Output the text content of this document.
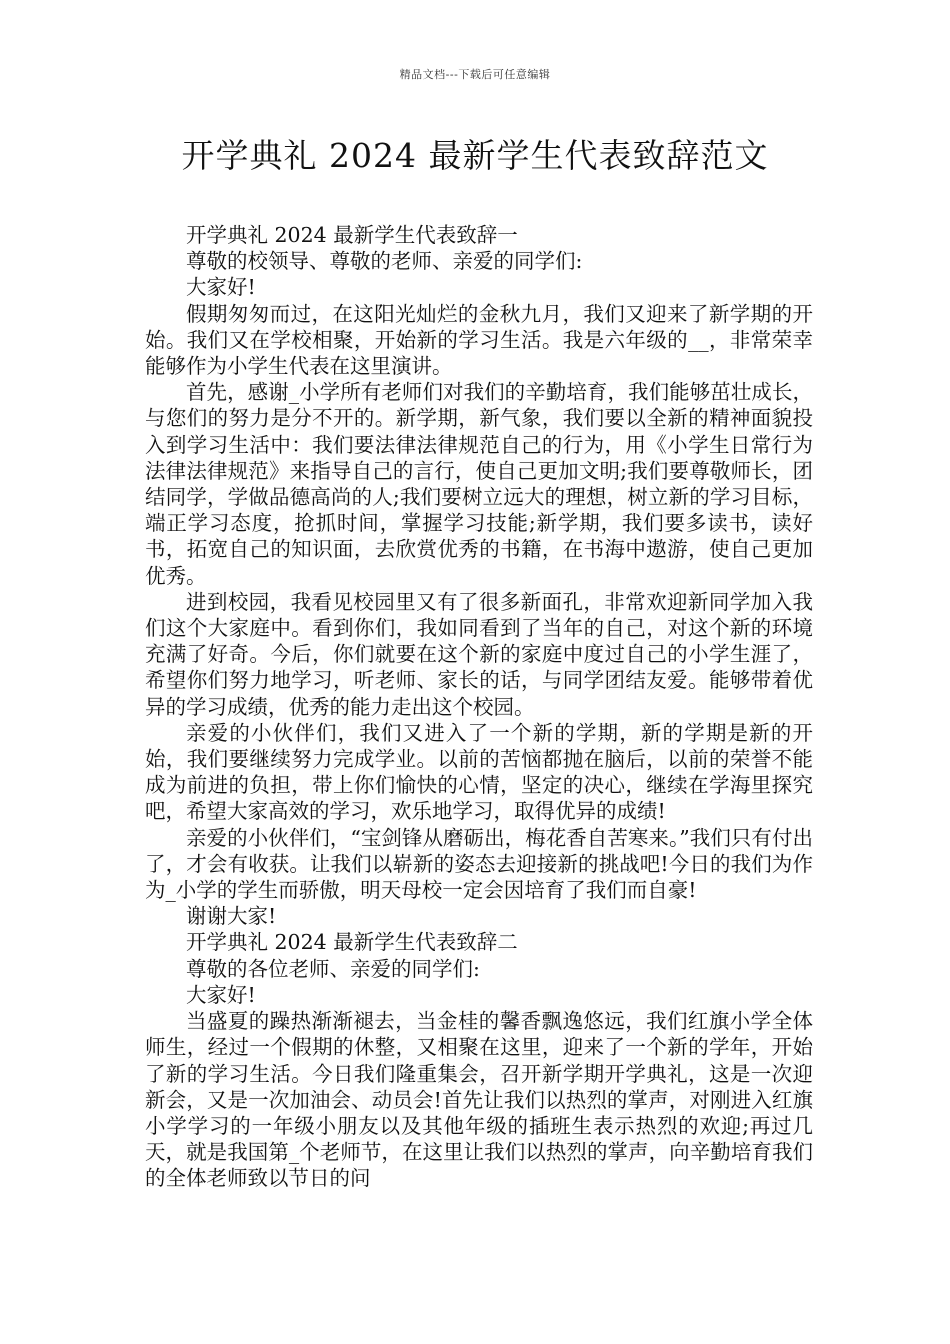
精品文档---下载后可任意编辑
开学典礼 2024 最新学生代表致辞范文

开学典礼 2024 最新学生代表致辞一

尊敬的校领导、尊敬的老师、亲爱的同学们:

大家好!

假期匆匆而过，在这阳光灿烂的金秋九月，我们又迎来了新学期的开始。我们又在学校相聚，开始新的学习生活。我是六年级的__，非常荣幸能够作为小学生代表在这里演讲。

首先，感谢_小学所有老师们对我们的辛勤培育，我们能够茁壮成长，与您们的努力是分不开的。新学期，新气象，我们要以全新的精神面貌投入到学习生活中：我们要法律法律规范自己的行为，用《小学生日常行为法律法律规范》来指导自己的言行，使自己更加文明;我们要尊敬师长，团结同学，学做品德高尚的人;我们要树立远大的理想，树立新的学习目标，端正学习态度，抢抓时间，掌握学习技能;新学期，我们要多读书，读好书，拓宽自己的知识面，去欣赏优秀的书籍，在书海中遨游，使自己更加优秀。

进到校园，我看见校园里又有了很多新面孔，非常欢迎新同学加入我们这个大家庭中。看到你们，我如同看到了当年的自己，对这个新的环境充满了好奇。今后，你们就要在这个新的家庭中度过自己的小学生涯了，希望你们努力地学习，听老师、家长的话，与同学团结友爱。能够带着优异的学习成绩，优秀的能力走出这个校园。

亲爱的小伙伴们，我们又进入了一个新的学期，新的学期是新的开始，我们要继续努力完成学业。以前的苦恼都抛在脑后，以前的荣誉不能成为前进的负担，带上你们愉快的心情，坚定的决心，继续在学海里探究吧，希望大家高效的学习，欢乐地学习，取得优异的成绩!

亲爱的小伙伴们，“宝剑锋从磨砺出，梅花香自苦寒来。”我们只有付出了，才会有收获。让我们以崭新的姿态去迎接新的挑战吧!今日的我们为作为_小学的学生而骄傲，明天母校一定会因培育了我们而自豪!

谢谢大家!

开学典礼 2024 最新学生代表致辞二

尊敬的各位老师、亲爱的同学们:

大家好!

当盛夏的躁热渐渐褪去，当金桂的馨香飘逸悠远，我们红旗小学全体师生，经过一个假期的休整，又相聚在这里，迎来了一个新的学年，开始了新的学习生活。今日我们隆重集会，召开新学期开学典礼，这是一次迎新会，又是一次加油会、动员会!首先让我们以热烈的掌声，对刚进入红旗小学学习的一年级小朋友以及其他年级的插班生表示热烈的欢迎;再过几天，就是我国第_个老师节，在这里让我们以热烈的掌声，向辛勤培育我们的全体老师致以节日的问
